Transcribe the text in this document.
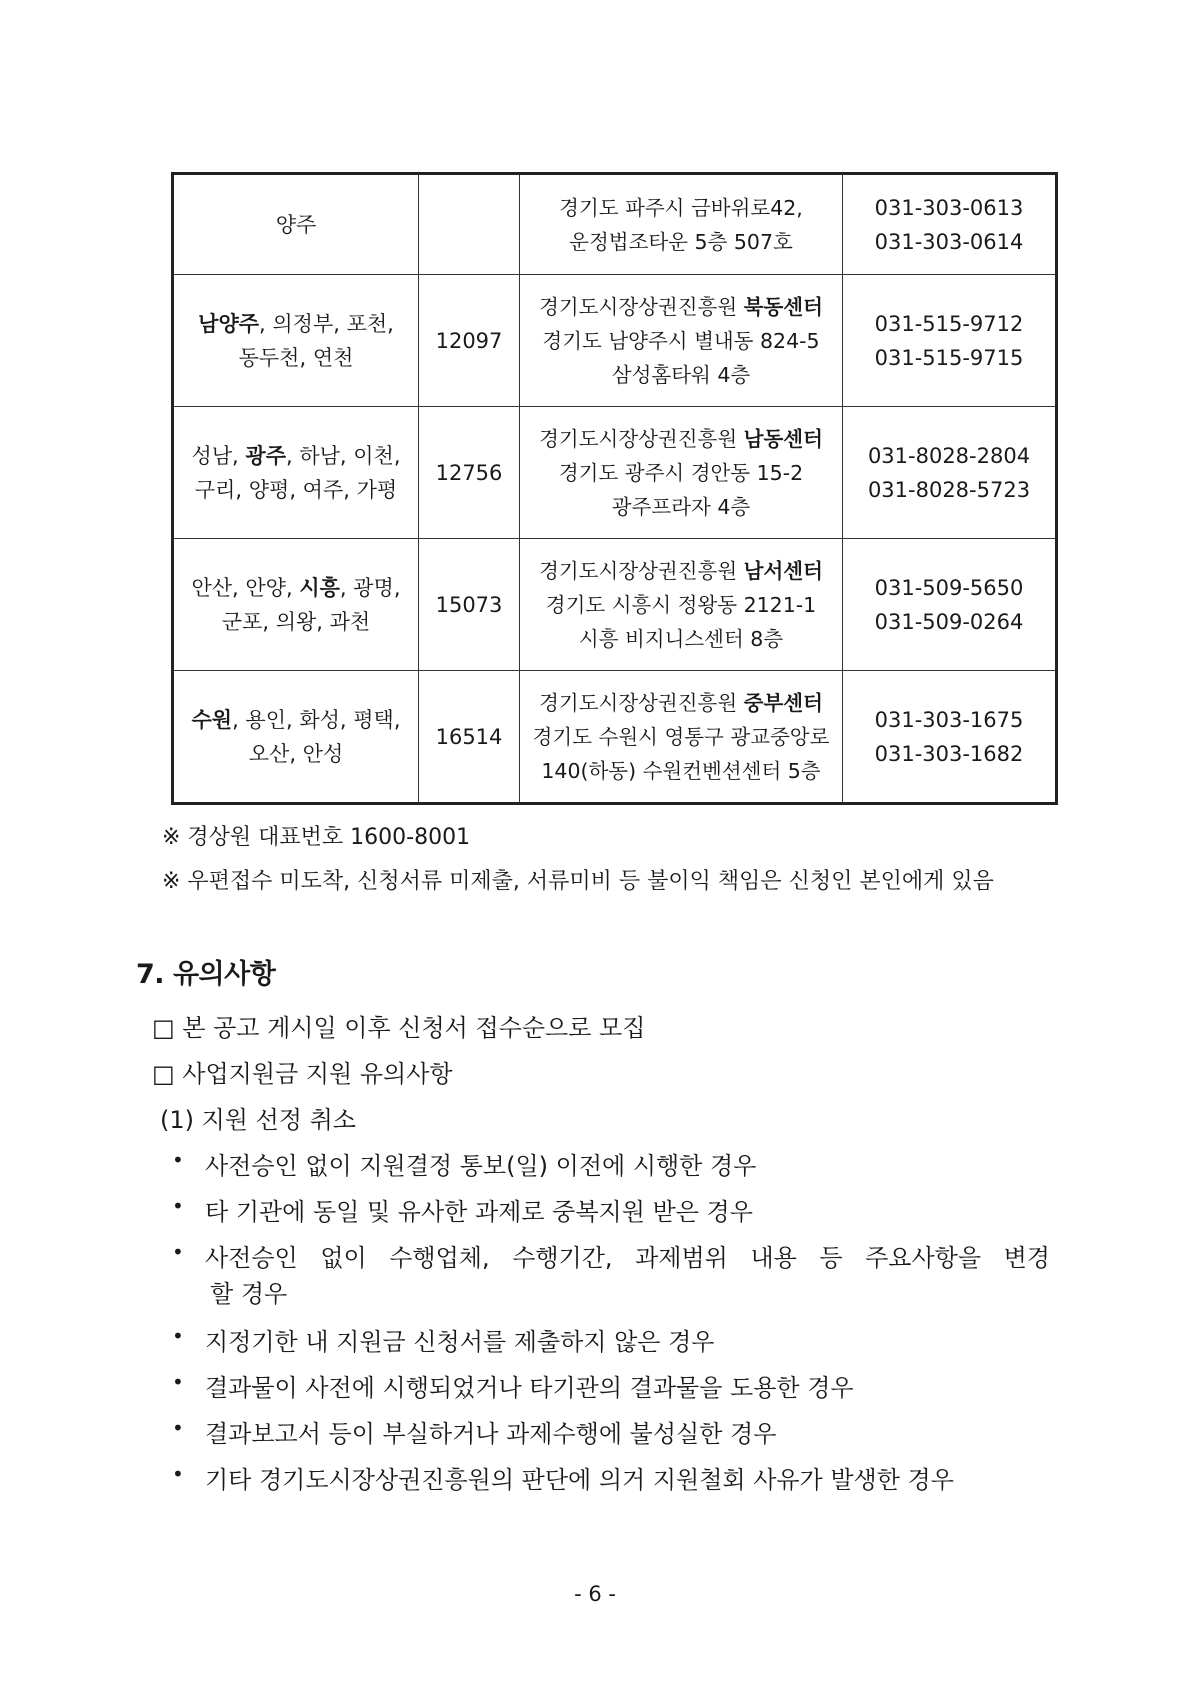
양주		경기도 파주시 금바위로42,
운정법조타운 5층 507호	031-303-0613
031-303-0614

남양주, 의정부, 포천,
동두천, 연천	12097	경기도시장상권진흥원 북동센터
경기도 남양주시 별내동 824-5
삼성홈타워 4층	031-515-9712
031-515-9715

성남, 광주, 하남, 이천,
구리, 양평, 여주, 가평	12756	경기도시장상권진흥원 남동센터
경기도 광주시 경안동 15-2
광주프라자 4층	031-8028-2804
031-8028-5723

안산, 안양, 시흥, 광명,
군포, 의왕, 과천	15073	경기도시장상권진흥원 남서센터
경기도 시흥시 정왕동 2121-1
시흥 비지니스센터 8층	031-509-5650
031-509-0264

수원, 용인, 화성, 평택,
오산, 안성	16514	경기도시장상권진흥원 중부센터
경기도 수원시 영통구 광교중앙로
140(하동) 수원컨벤션센터 5층	031-303-1675
031-303-1682
※ 경상원 대표번호 1600-8001
※ 우편접수 미도착, 신청서류 미제출, 서류미비 등 불이익 책임은 신청인 본인에게 있음
7. 유의사항
□ 본 공고 게시일 이후 신청서 접수순으로 모집
□ 사업지원금 지원 유의사항
(1) 지원 선정 취소
• 사전승인 없이 지원결정 통보(일) 이전에 시행한 경우
• 타 기관에 동일 및 유사한 과제로 중복지원 받은 경우
• 사전승인 없이 수행업체, 수행기간, 과제범위 내용 등 주요사항을 변경
할 경우
• 지정기한 내 지원금 신청서를 제출하지 않은 경우
• 결과물이 사전에 시행되었거나 타기관의 결과물을 도용한 경우
• 결과보고서 등이 부실하거나 과제수행에 불성실한 경우
• 기타 경기도시장상권진흥원의 판단에 의거 지원철회 사유가 발생한 경우
- 6 -
